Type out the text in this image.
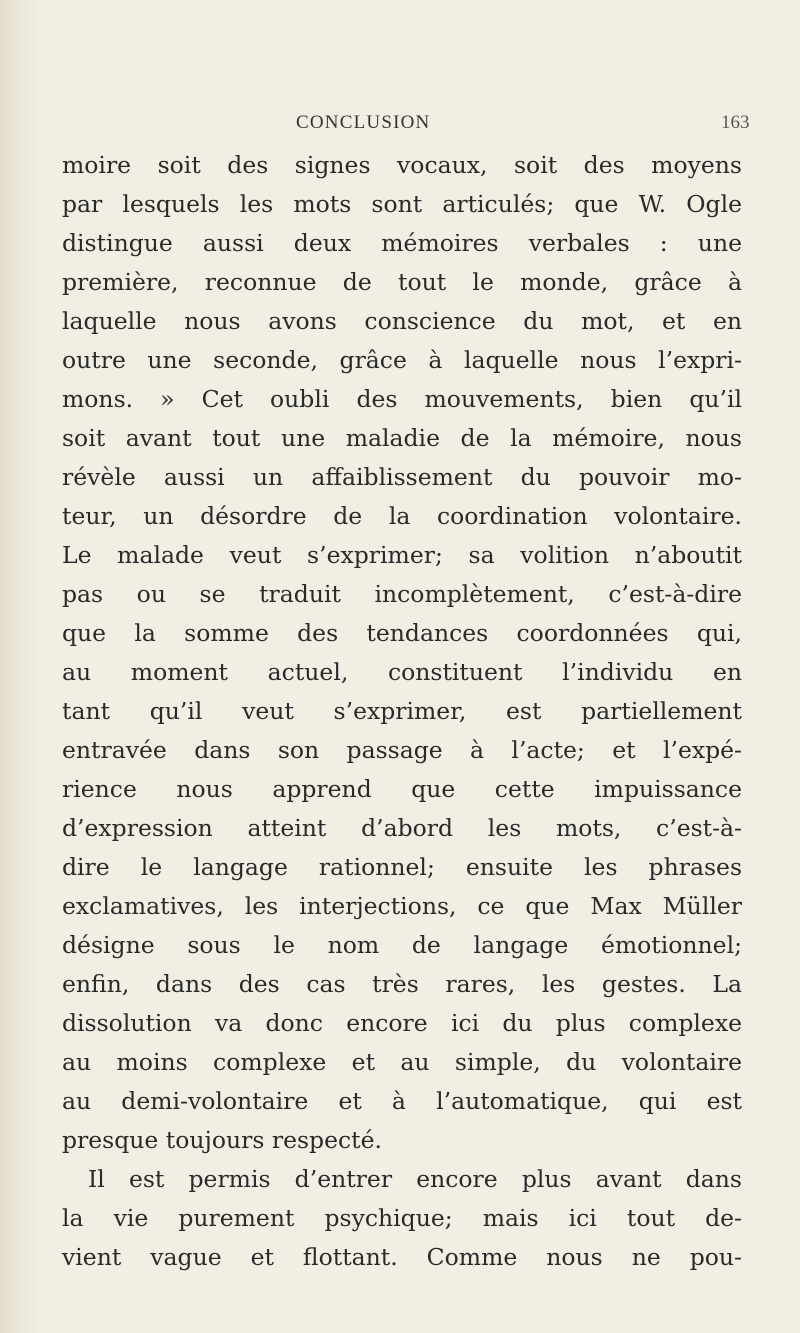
CONCLUSION	163
moire soit des signes vocaux, soit des moyens
par lesquels les mots sont articulés; que W. Ogle
distingue aussi deux mémoires verbales : une
première, reconnue de tout le monde, grâce à
laquelle nous avons conscience du mot, et en
outre une seconde, grâce à laquelle nous l’expri-
mons. » Cet oubli des mouvements, bien qu’il
soit avant tout une maladie de la mémoire, nous
révèle aussi un affaiblissement du pouvoir mo-
teur, un désordre de la coordination volontaire.
Le malade veut s’exprimer; sa volition n’aboutit
pas ou se traduit incomplètement, c’est-à-dire
que la somme des tendances coordonnées qui,
au moment actuel, constituent l’individu en
tant qu’il veut s’exprimer, est partiellement
entravée dans son passage à l’acte; et l’expé-
rience nous apprend que cette impuissance
d’expression atteint d’abord les mots, c’est-à-
dire le langage rationnel; ensuite les phrases
exclamatives, les interjections, ce que Max Müller
désigne sous le nom de langage émotionnel;
enfin, dans des cas très rares, les gestes. La
dissolution va donc encore ici du plus complexe
au moins complexe et au simple, du volontaire
au demi-volontaire et à l’automatique, qui est
presque toujours respecté.
Il est permis d’entrer encore plus avant dans
la vie purement psychique; mais ici tout de-
vient vague et flottant. Comme nous ne pou-
